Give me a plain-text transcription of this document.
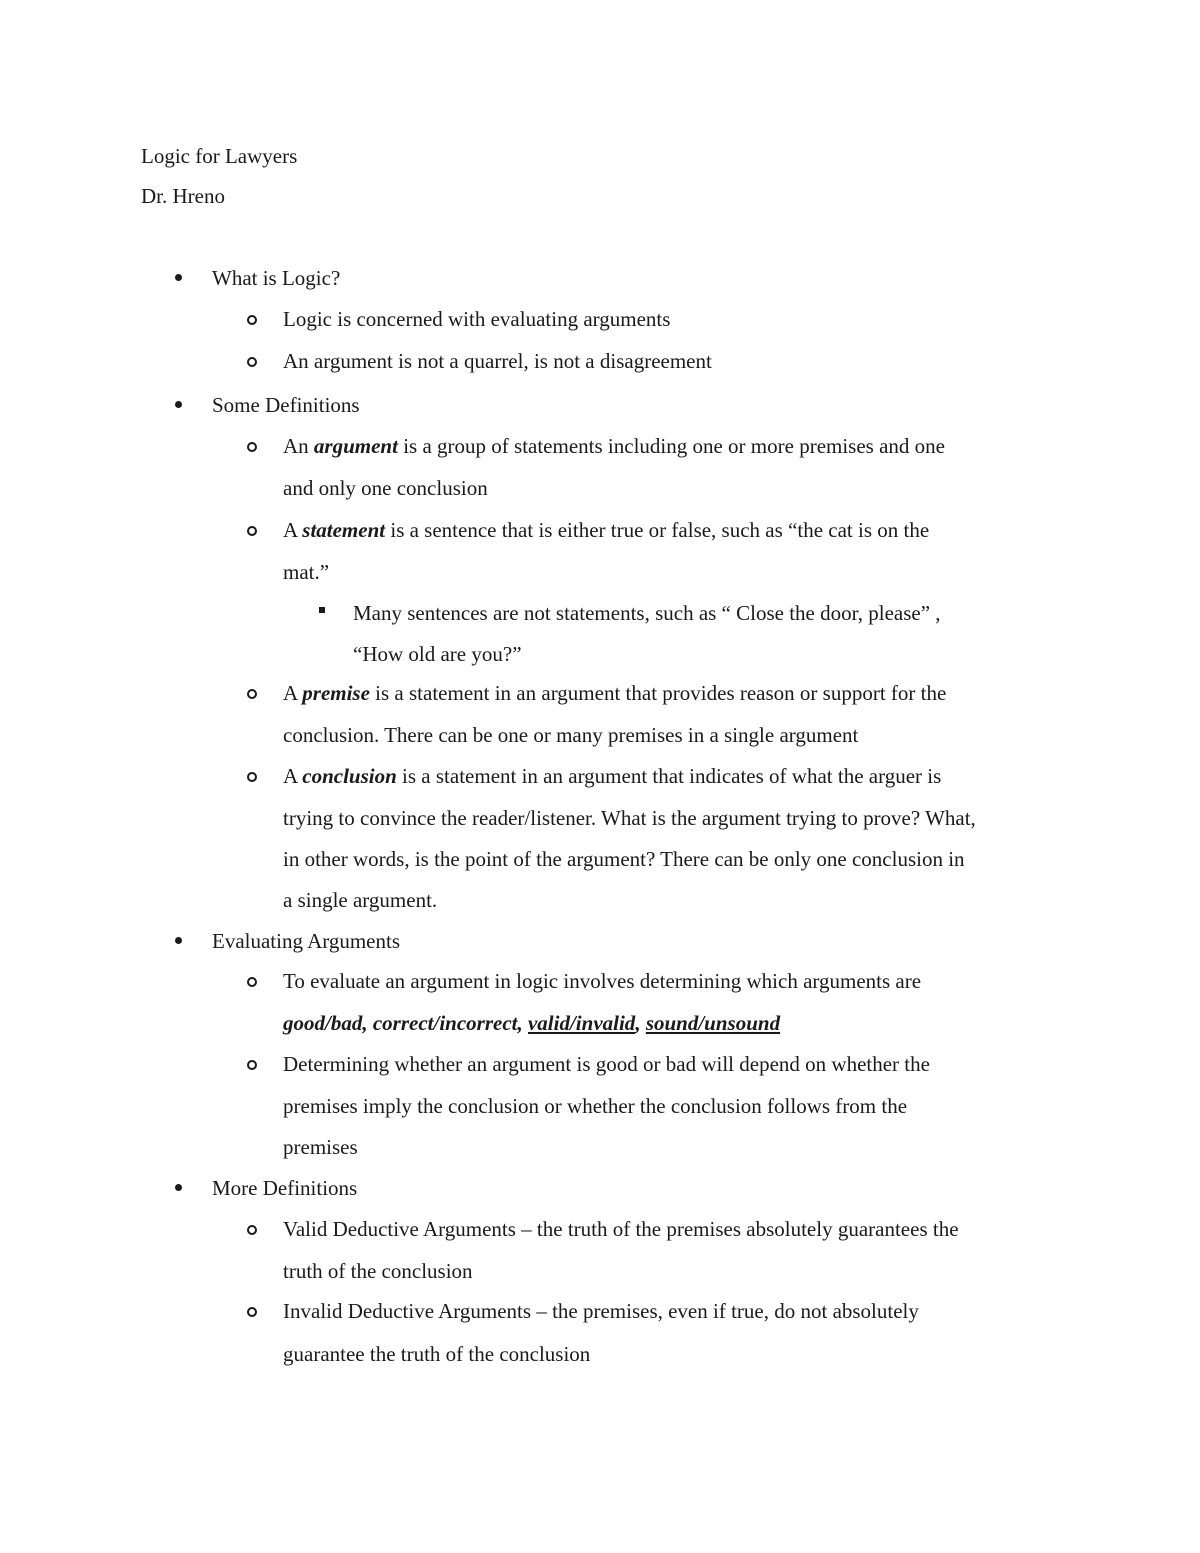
Logic for Lawyers
Dr. Hreno
What is Logic?
Logic is concerned with evaluating arguments
An argument is not a quarrel, is not a disagreement
Some Definitions
An argument is a group of statements including one or more premises and one
and only one conclusion
A statement is a sentence that is either true or false, such as “the cat is on the
mat.”
Many sentences are not statements, such as “ Close the door, please” ,
“How old are you?”
A premise is a statement in an argument that provides reason or support for the
conclusion. There can be one or many premises in a single argument
A conclusion is a statement in an argument that indicates of what the arguer is
trying to convince the reader/listener. What is the argument trying to prove? What,
in other words, is the point of the argument? There can be only one conclusion in
a single argument.
Evaluating Arguments
To evaluate an argument in logic involves determining which arguments are
good/bad, correct/incorrect, valid/invalid, sound/unsound
Determining whether an argument is good or bad will depend on whether the
premises imply the conclusion or whether the conclusion follows from the
premises
More Definitions
Valid Deductive Arguments – the truth of the premises absolutely guarantees the
truth of the conclusion
Invalid Deductive Arguments – the premises, even if true, do not absolutely
guarantee the truth of the conclusion
